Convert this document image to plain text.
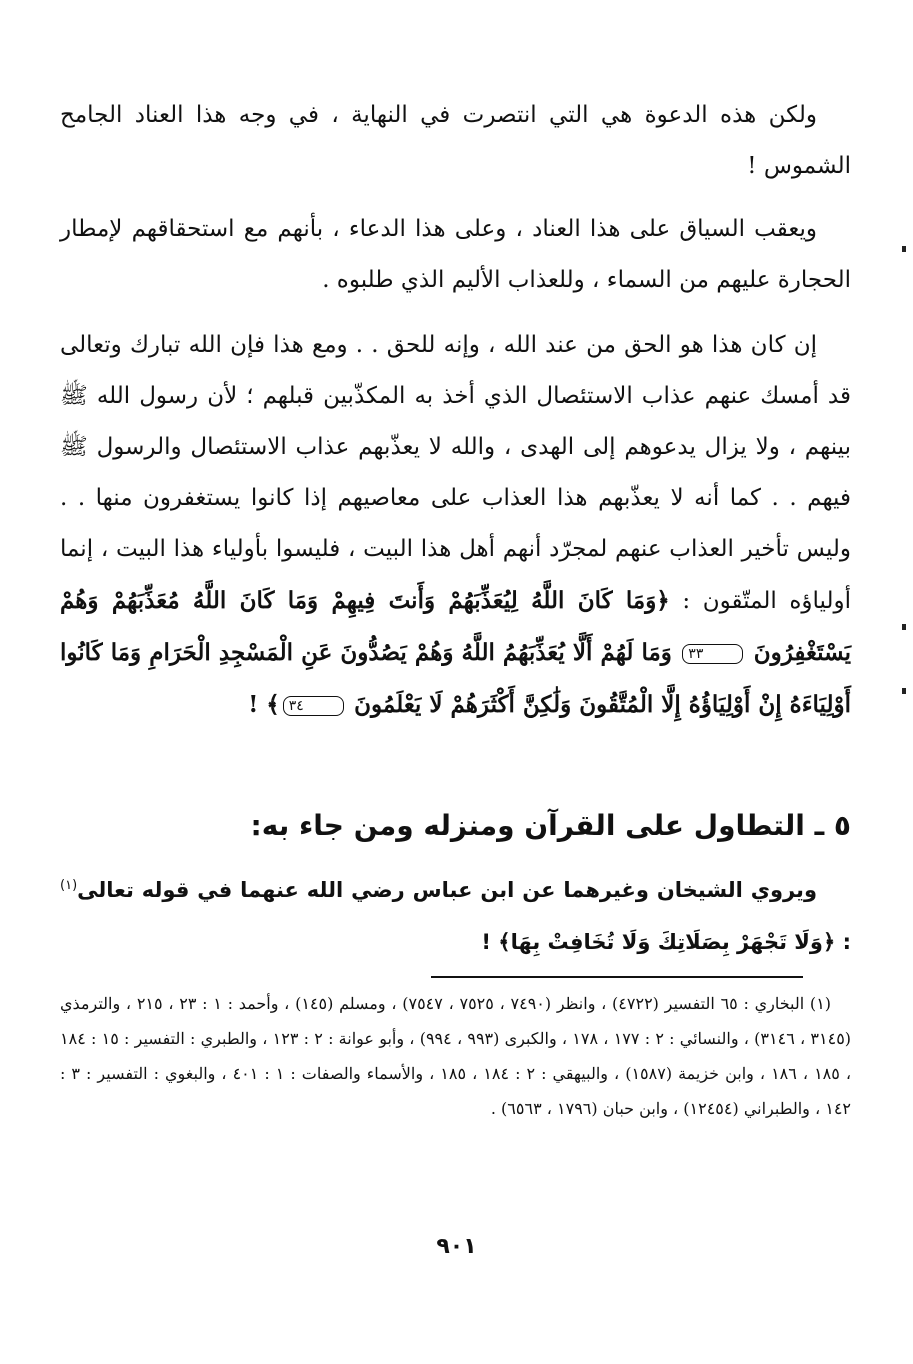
ولكن هذه الدعوة هي التي انتصرت في النهاية ، في وجه هذا العناد الجامح الشموس !

ويعقب السياق على هذا العناد ، وعلى هذا الدعاء ، بأنهم مع استحقاقهم لإمطار الحجارة عليهم من السماء ، وللعذاب الأليم الذي طلبوه .

إن كان هذا هو الحق من عند الله ، وإنه للحق . . ومع هذا فإن الله تبارك وتعالى قد أمسك عنهم عذاب الاستئصال الذي أخذ به المكذّبين قبلهم ؛ لأن رسول الله ﷺ بينهم ، ولا يزال يدعوهم إلى الهدى ، والله لا يعذّبهم عذاب الاستئصال والرسول ﷺ فيهم . . كما أنه لا يعذّبهم هذا العذاب على معاصيهم إذا كانوا يستغفرون منها . . وليس تأخير العذاب عنهم لمجرّد أنهم أهل هذا البيت ، فليسوا بأولياء هذا البيت ، إنما أولياؤه المتّقون : ﴿وَمَا كَانَ اللَّهُ لِيُعَذِّبَهُمْ وَأَنتَ فِيهِمْ وَمَا كَانَ اللَّهُ مُعَذِّبَهُمْ وَهُمْ يَسْتَغْفِرُونَ ٣٣ وَمَا لَهُمْ أَلَّا يُعَذِّبَهُمُ اللَّهُ وَهُمْ يَصُدُّونَ عَنِ الْمَسْجِدِ الْحَرَامِ وَمَا كَانُوا أَوْلِيَاءَهُ إِنْ أَوْلِيَاؤُهُ إِلَّا الْمُتَّقُونَ وَلَٰكِنَّ أَكْثَرَهُمْ لَا يَعْلَمُونَ ٣٤﴾ !

٥ ـ التطاول على القرآن ومنزله ومن جاء به:
ويروي الشيخان وغيرهما عن ابن عباس رضي الله عنهما في قوله تعالى$^{(١)}$ : ﴿وَلَا تَجْهَرْ بِصَلَاتِكَ وَلَا تُخَافِتْ بِهَا﴾ !
(١) البخاري : ٦٥ التفسير (٤٧٢٢) ، وانظر (٧٤٩٠ ، ٧٥٢٥ ، ٧٥٤٧) ، ومسلم (١٤٥) ، وأحمد : ١ : ٢٣ ، ٢١٥ ، والترمذي (٣١٤٥ ، ٣١٤٦) ، والنسائي : ٢ : ١٧٧ ، ١٧٨ ، والكبرى (٩٩٣ ، ٩٩٤) ، وأبو عوانة : ٢ : ١٢٣ ، والطبري : التفسير : ١٥ : ١٨٤ ، ١٨٥ ، ١٨٦ ، وابن خزيمة (١٥٨٧) ، والبيهقي : ٢ : ١٨٤ ، ١٨٥ ، والأسماء والصفات : ١ : ٤٠١ ، والبغوي : التفسير : ٣ : ١٤٢ ، والطبراني (١٢٤٥٤) ، وابن حبان (١٧٩٦ ، ٦٥٦٣) .
٩٠١
